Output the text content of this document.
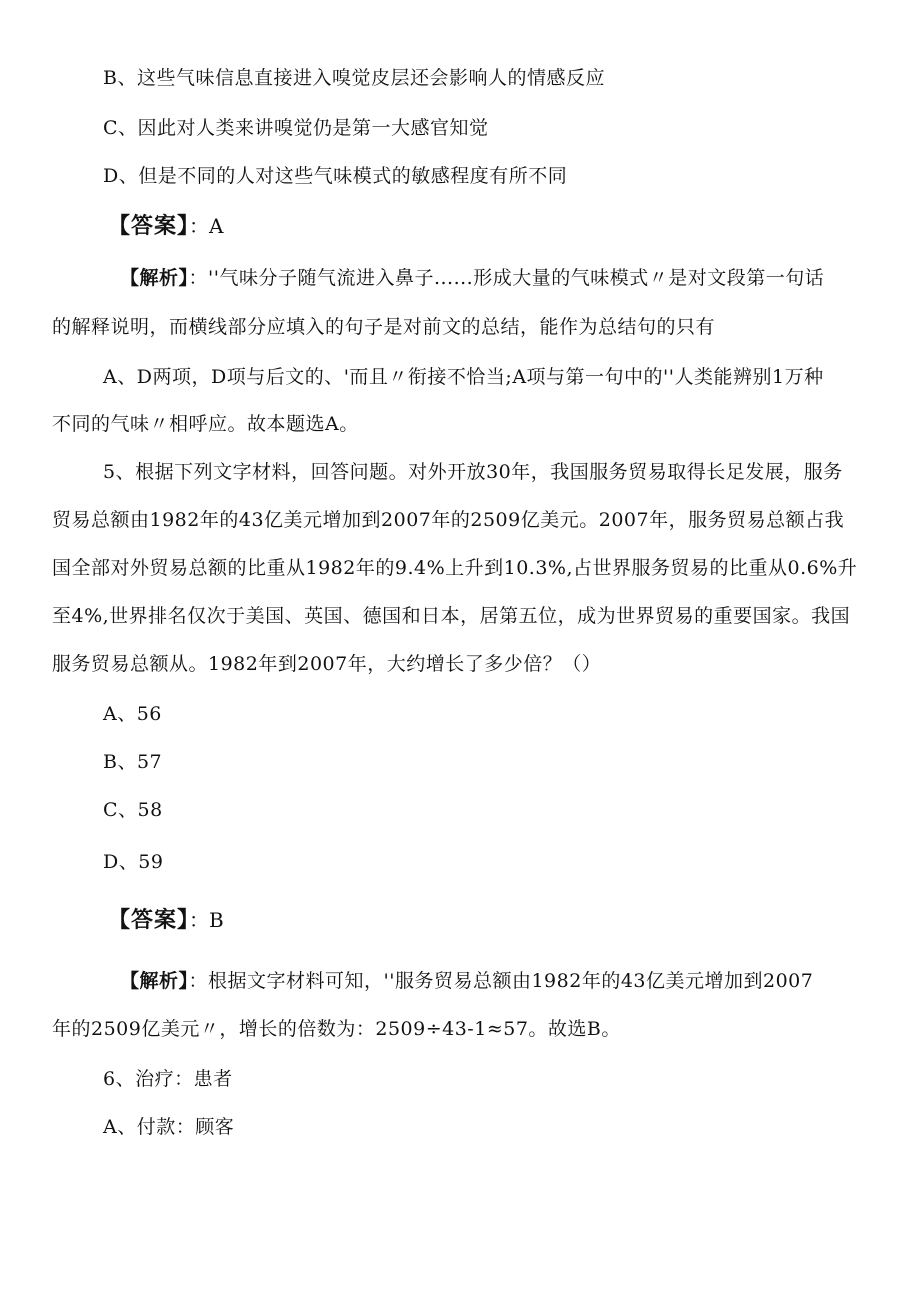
B、这些气味信息直接进入嗅觉皮层还会影响人的情感反应
C、因此对人类来讲嗅觉仍是第一大感官知觉
D、但是不同的人对这些气味模式的敏感程度有所不同
【答案】：A
【解析】：''气味分子随气流进入鼻子......形成大量的气味模式〃是对文段第一句话
的解释说明，而横线部分应填入的句子是对前文的总结，能作为总结句的只有
A、D两项，D项与后文的、'而且〃衔接不恰当;A项与第一句中的''人类能辨别1万种
不同的气味〃相呼应。故本题选A。
5、根据下列文字材料，回答问题。对外开放30年，我国服务贸易取得长足发展，服务
贸易总额由1982年的43亿美元增加到2007年的2509亿美元。2007年，服务贸易总额占我
国全部对外贸易总额的比重从1982年的9.4%上升到10.3%,占世界服务贸易的比重从0.6%升
至4%,世界排名仅次于美国、英国、德国和日本，居第五位，成为世界贸易的重要国家。我国
服务贸易总额从。1982年到2007年，大约增长了多少倍？（）
A、56
B、57
C、58
D、59
【答案】：B
【解析】：根据文字材料可知，''服务贸易总额由1982年的43亿美元增加到2007
年的2509亿美元〃，增长的倍数为：2509÷43-1≈57。故选B。
6、治疗：患者
A、付款：顾客
